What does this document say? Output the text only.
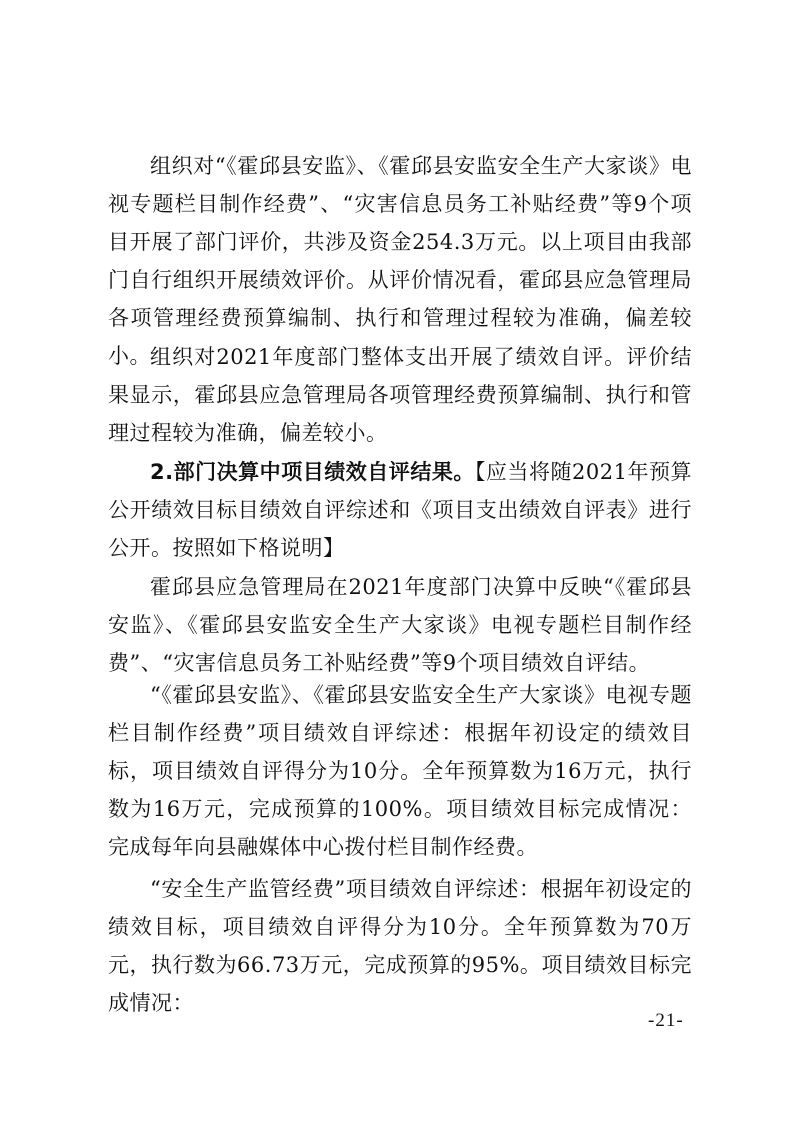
组织对“《霍邱县安监》、《霍邱县安监安全生产大家谈》电视专题栏目制作经费”、“灾害信息员务工补贴经费”等9个项目开展了部门评价，共涉及资金254.3万元。以上项目由我部门自行组织开展绩效评价。从评价情况看，霍邱县应急管理局各项管理经费预算编制、执行和管理过程较为准确，偏差较小。 组织对2021年度部门整体支出开展了绩效自评。评价结果显示，霍邱县应急管理局各项管理经费预算编制、执行和管理过程较为准确，偏差较小。

2.部门决算中项目绩效自评结果。【应当将随2021年预算公开绩效目标目绩效自评综述和《项目支出绩效自评表》进行公开。按照如下格说明】

霍邱县应急管理局在2021年度部门决算中反映“《霍邱县安监》、《霍邱县安监安全生产大家谈》电视专题栏目制作经费”、“灾害信息员务工补贴经费”等9个项目绩效自评结。

“《霍邱县安监》、《霍邱县安监安全生产大家谈》电视专题栏目制作经费”项目绩效自评综述：根据年初设定的绩效目标，项目绩效自评得分为10分。全年预算数为16万元，执行数为16万元，完成预算的100%。项目绩效目标完成情况：完成每年向县融媒体中心拨付栏目制作经费。

“安全生产监管经费”项目绩效自评综述：根据年初设定的绩效目标，项目绩效自评得分为10分。全年预算数为70万元，执行数为66.73万元，完成预算的95%。项目绩效目标完成情况：

-21-
